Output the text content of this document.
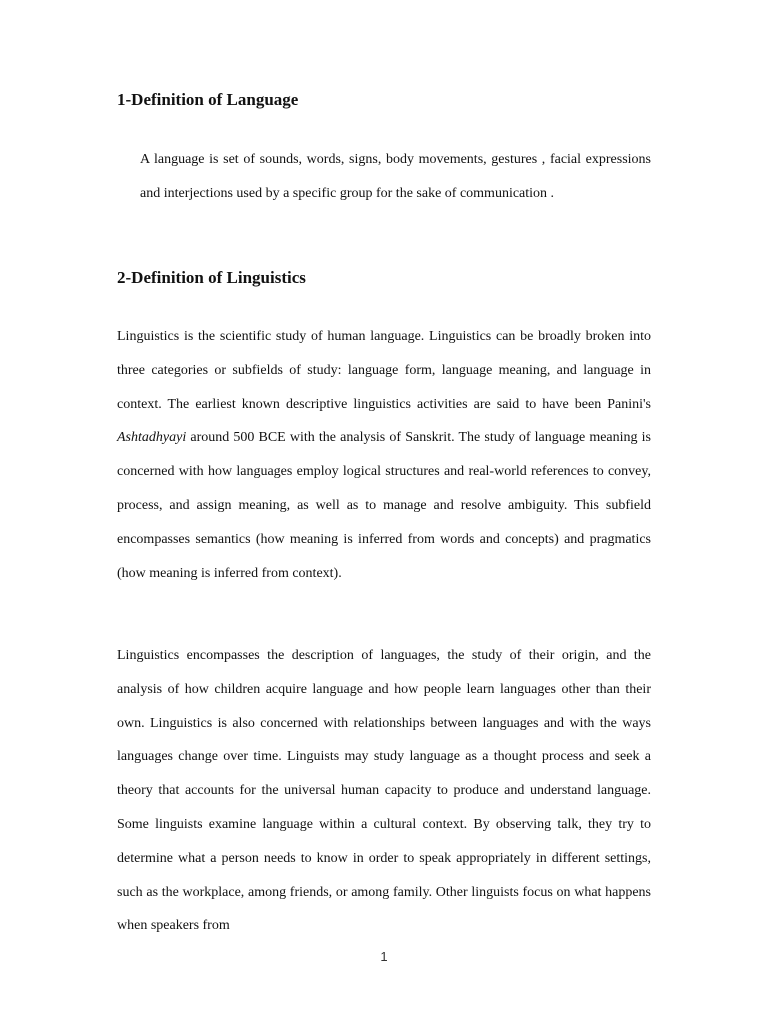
1-Definition of Language

A language is set of sounds, words, signs, body movements, gestures , facial expressions and interjections used by a specific group for the sake of communication .

2-Definition of Linguistics

Linguistics is the scientific study of human language. Linguistics can be broadly broken into three categories or subfields of study: language form, language meaning, and language in context. The earliest known descriptive linguistics activities are said to have been Panini's Ashtadhyayi around 500 BCE with the analysis of Sanskrit. The study of language meaning is concerned with how languages employ logical structures and real-world references to convey, process, and assign meaning, as well as to manage and resolve ambiguity. This subfield encompasses semantics (how meaning is inferred from words and concepts) and pragmatics (how meaning is inferred from context).

Linguistics encompasses the description of languages, the study of their origin, and the analysis of how children acquire language and how people learn languages other than their own. Linguistics is also concerned with relationships between languages and with the ways languages change over time. Linguists may study language as a thought process and seek a theory that accounts for the universal human capacity to produce and understand language. Some linguists examine language within a cultural context. By observing talk, they try to determine what a person needs to know in order to speak appropriately in different settings, such as the workplace, among friends, or among family. Other linguists focus on what happens when speakers from

1
